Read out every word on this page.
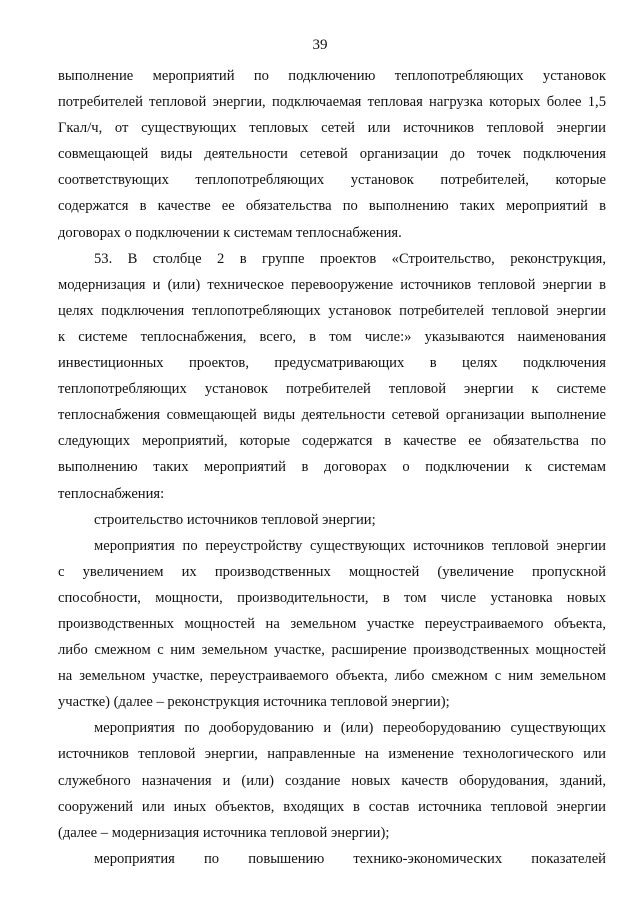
39
выполнение мероприятий по подключению теплопотребляющих установок
потребителей тепловой энергии, подключаемая тепловая нагрузка которых более 1,5
Гкал/ч, от существующих тепловых сетей или источников тепловой энергии
совмещающей виды деятельности сетевой организации до точек подключения
соответствующих теплопотребляющих установок потребителей, которые
содержатся в качестве ее обязательства по выполнению таких мероприятий в
договорах о подключении к системам теплоснабжения.
53. В столбце 2 в группе проектов «Строительство, реконструкция,
модернизация и (или) техническое перевооружение источников тепловой энергии в
целях подключения теплопотребляющих установок потребителей тепловой энергии
к системе теплоснабжения, всего, в том числе:» указываются наименования
инвестиционных проектов, предусматривающих в целях подключения
теплопотребляющих установок потребителей тепловой энергии к системе
теплоснабжения совмещающей виды деятельности сетевой организации выполнение
следующих мероприятий, которые содержатся в качестве ее обязательства по
выполнению таких мероприятий в договорах о подключении к системам
теплоснабжения:
строительство источников тепловой энергии;
мероприятия по переустройству существующих источников тепловой энергии
с увеличением их производственных мощностей (увеличение пропускной
способности, мощности, производительности, в том числе установка новых
производственных мощностей на земельном участке переустраиваемого объекта,
либо смежном с ним земельном участке, расширение производственных мощностей
на земельном участке, переустраиваемого объекта, либо смежном с ним земельном
участке) (далее – реконструкция источника тепловой энергии);
мероприятия по дооборудованию и (или) переоборудованию существующих
источников тепловой энергии, направленные на изменение технологического или
служебного назначения и (или) создание новых качеств оборудования, зданий,
сооружений или иных объектов, входящих в состав источника тепловой энергии
(далее – модернизация источника тепловой энергии);
мероприятия по повышению технико-экономических показателей
